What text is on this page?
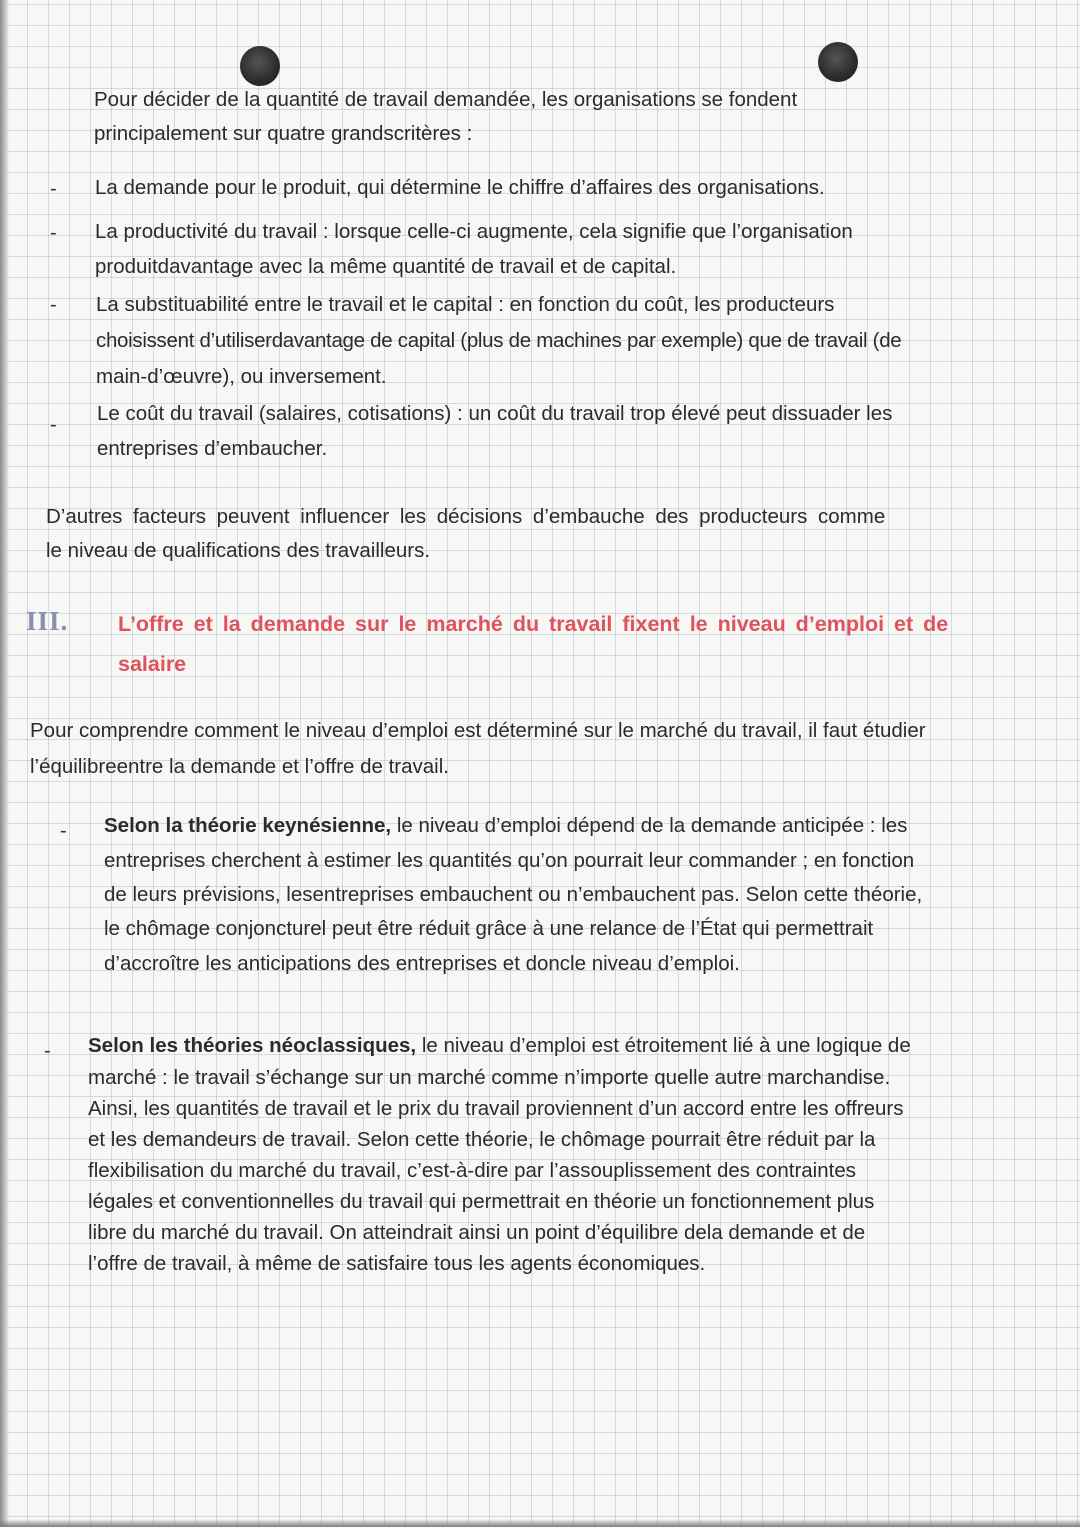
Pour décider de la quantité de travail demandée, les organisations se fondent
principalement sur quatre grandscritères :
- La demande pour le produit, qui détermine le chiffre d’affaires des organisations.
- La productivité du travail : lorsque celle-ci augmente, cela signifie que l’organisation
produitdavantage avec la même quantité de travail et de capital.
- La substituabilité entre le travail et le capital : en fonction du coût, les producteurs
choisissent d’utiliserdavantage de capital (plus de machines par exemple) que de travail (de
main-d’œuvre), ou inversement.
- Le coût du travail (salaires, cotisations) : un coût du travail trop élevé peut dissuader les
entreprises d’embaucher.
D’autres facteurs peuvent influencer les décisions d’embauche des producteurs comme
le niveau de qualifications des travailleurs.
III. L’offre et la demande sur le marché du travail fixent le niveau d’emploi et de
salaire
Pour comprendre comment le niveau d’emploi est déterminé sur le marché du travail, il faut étudier
l’équilibreentre la demande et l’offre de travail.
- Selon la théorie keynésienne, le niveau d’emploi dépend de la demande anticipée : les
entreprises cherchent à estimer les quantités qu’on pourrait leur commander ; en fonction
de leurs prévisions, lesentreprises embauchent ou n’embauchent pas. Selon cette théorie,
le chômage conjoncturel peut être réduit grâce à une relance de l’État qui permettrait
d’accroître les anticipations des entreprises et doncle niveau d’emploi.
- Selon les théories néoclassiques, le niveau d’emploi est étroitement lié à une logique de
marché : le travail s’échange sur un marché comme n’importe quelle autre marchandise.
Ainsi, les quantités de travail et le prix du travail proviennent d’un accord entre les offreurs
et les demandeurs de travail. Selon cette théorie, le chômage pourrait être réduit par la
flexibilisation du marché du travail, c’est-à-dire par l’assouplissement des contraintes
légales et conventionnelles du travail qui permettrait en théorie un fonctionnement plus
libre du marché du travail. On atteindrait ainsi un point d’équilibre dela demande et de
l’offre de travail, à même de satisfaire tous les agents économiques.
